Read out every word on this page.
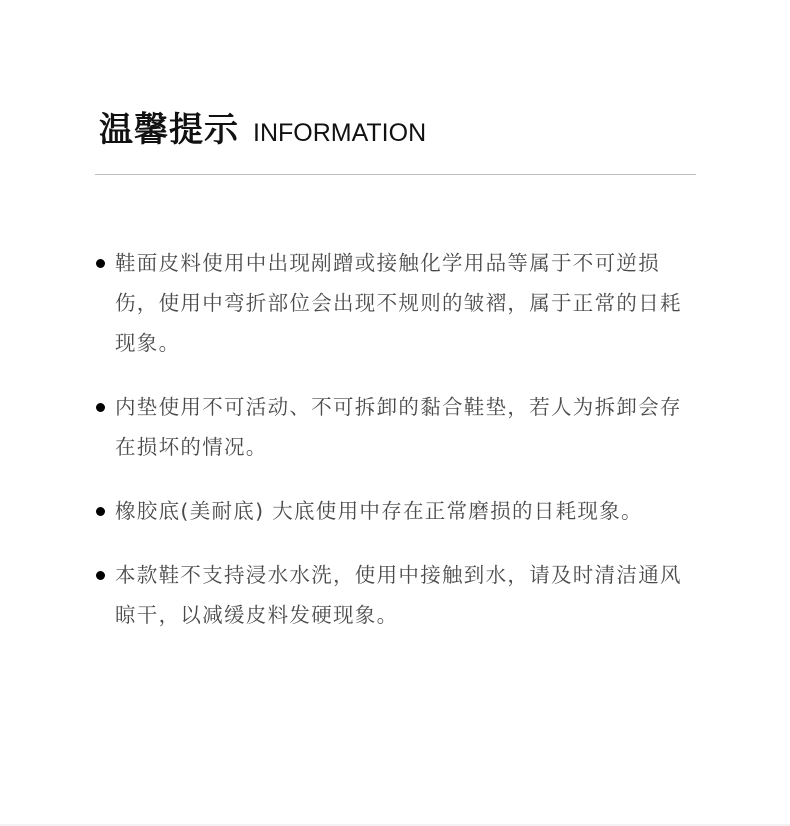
温馨提示 INFORMATION
鞋面皮料使用中出现剐蹭或接触化学用品等属于不可逆损伤，使用中弯折部位会出现不规则的皱褶，属于正常的日耗现象。
内垫使用不可活动、不可拆卸的黏合鞋垫，若人为拆卸会存在损坏的情况。
橡胶底(美耐底) 大底使用中存在正常磨损的日耗现象。
本款鞋不支持浸水水洗，使用中接触到水，请及时清洁通风晾干，以减缓皮料发硬现象。
